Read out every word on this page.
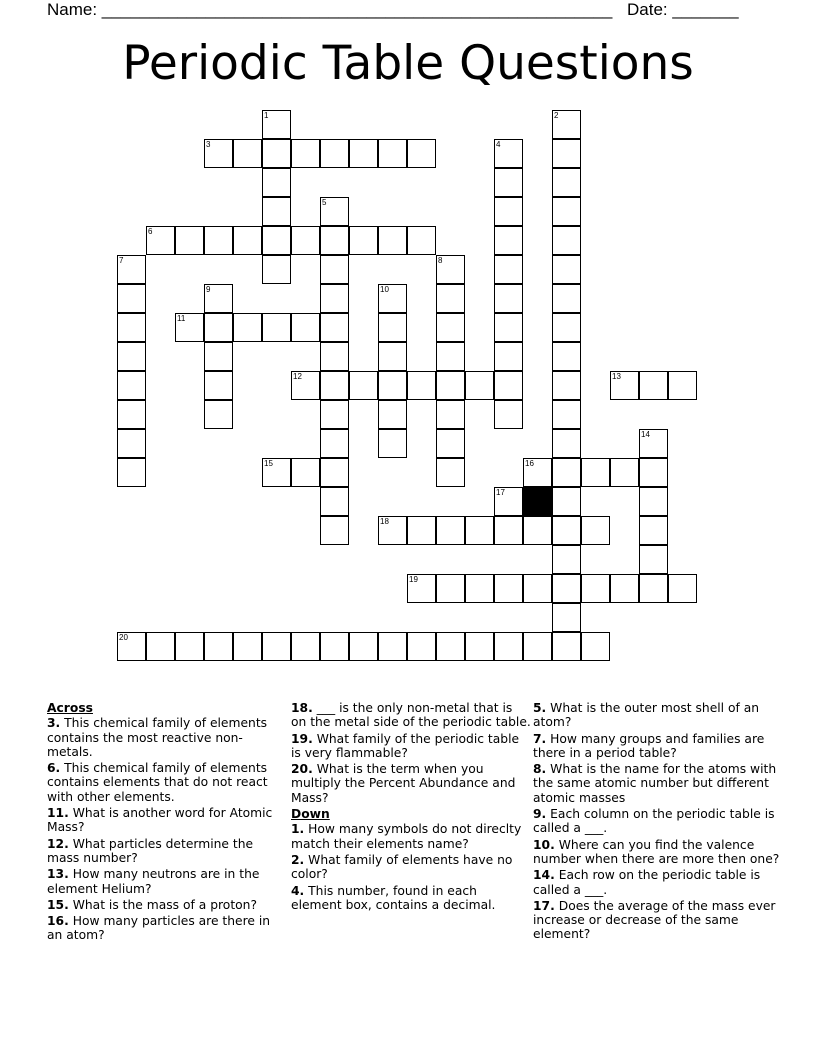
Name: ______________________________________________________ Date: _______
Periodic Table Questions
1	2
3	4
5
6
7	8
9	10
11
12	13
14
15	16
17
18
19
20
Across
3. This chemical family of elements contains the most reactive non-metals.
6. This chemical family of elements contains elements that do not react with other elements.
11. What is another word for Atomic Mass?
12. What particles determine the mass number?
13. How many neutrons are in the element Helium?
15. What is the mass of a proton?
16. How many particles are there in an atom?
18. ___ is the only non-metal that is on the metal side of the periodic table.
19. What family of the periodic table is very flammable?
20. What is the term when you multiply the Percent Abundance and Mass?
Down
1. How many symbols do not direclty match their elements name?
2. What family of elements have no color?
4. This number, found in each element box, contains a decimal.
5. What is the outer most shell of an atom?
7. How many groups and families are there in a period table?
8. What is the name for the atoms with the same atomic number but different atomic masses
9. Each column on the periodic table is called a ___.
10. Where can you find the valence number when there are more then one?
14. Each row on the periodic table is called a ___.
17. Does the average of the mass ever increase or decrease of the same element?
